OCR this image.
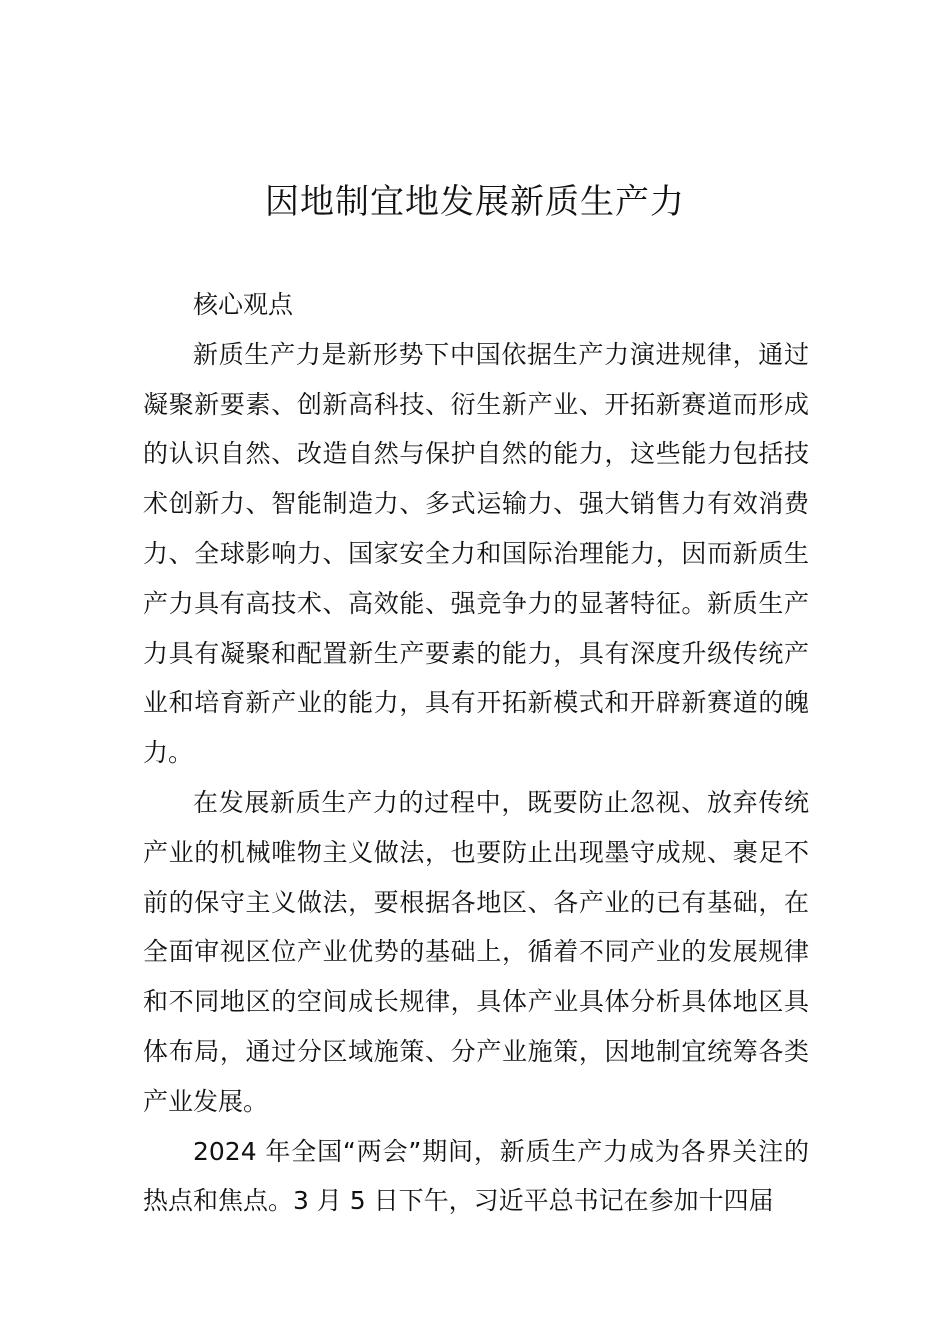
因地制宜地发展新质生产力

核心观点

新质生产力是新形势下中国依据生产力演进规律，通过凝聚新要素、创新高科技、衍生新产业、开拓新赛道而形成的认识自然、改造自然与保护自然的能力，这些能力包括技术创新力、智能制造力、多式运输力、强大销售力有效消费力、全球影响力、国家安全力和国际治理能力，因而新质生产力具有高技术、高效能、强竞争力的显著特征。新质生产力具有凝聚和配置新生产要素的能力，具有深度升级传统产业和培育新产业的能力，具有开拓新模式和开辟新赛道的魄力。

在发展新质生产力的过程中，既要防止忽视、放弃传统产业的机械唯物主义做法，也要防止出现墨守成规、裹足不前的保守主义做法，要根据各地区、各产业的已有基础，在全面审视区位产业优势的基础上，循着不同产业的发展规律和不同地区的空间成长规律，具体产业具体分析具体地区具体布局，通过分区域施策、分产业施策，因地制宜统筹各类产业发展。

2024 年全国“两会”期间，新质生产力成为各界关注的热点和焦点。3 月 5 日下午，习近平总书记在参加十四届
